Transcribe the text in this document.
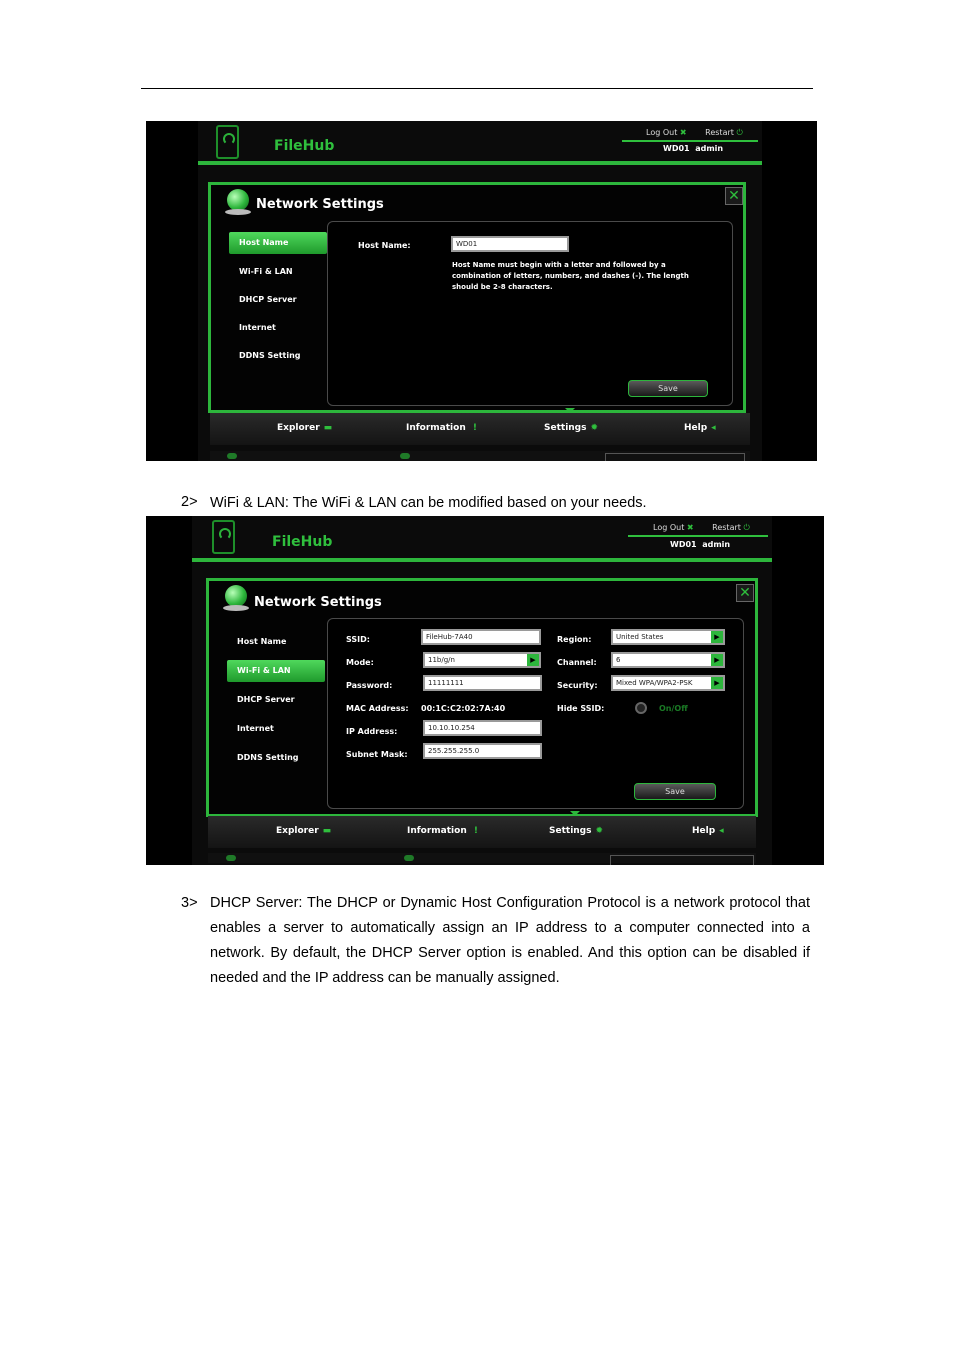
FileHub
Log Out ✖ Restart ⏻
WD01 admin
✕
Network Settings
Host Name
Wi-Fi & LAN
DHCP Server
Internet
DDNS Setting
Host Name:	WD01
Host Name must begin with a letter and followed by a combination of letters, numbers, and dashes (-). The length should be 2-8 characters.
Save
Explorer ▬	Information !	Settings ✹	Help ◂
2> WiFi & LAN: The WiFi & LAN can be modified based on your needs.
FileHub
Log Out ✖ Restart ⏻
WD01 admin
✕
Network Settings
Host Name
Wi-Fi & LAN
DHCP Server
Internet
DDNS Setting
SSID:	FileHub-7A40
Mode:	11b/g/n	▶
Password:	11111111
MAC Address: 00:1C:C2:02:7A:40
IP Address:	10.10.10.254
Subnet Mask:	255.255.255.0
Region:	United States	▶
Channel:	6	▶
Security:	Mixed WPA/WPA2-PSK	▶
Hide SSID:	On/Off
Save
Explorer ▬	Information !	Settings ✹	Help ◂
3> DHCP Server: The DHCP or Dynamic Host Configuration Protocol is a network protocol that enables a server to automatically assign an IP address to a computer connected into a network. By default, the DHCP Server option is enabled. And this option can be disabled if needed and the IP address can be manually assigned.
